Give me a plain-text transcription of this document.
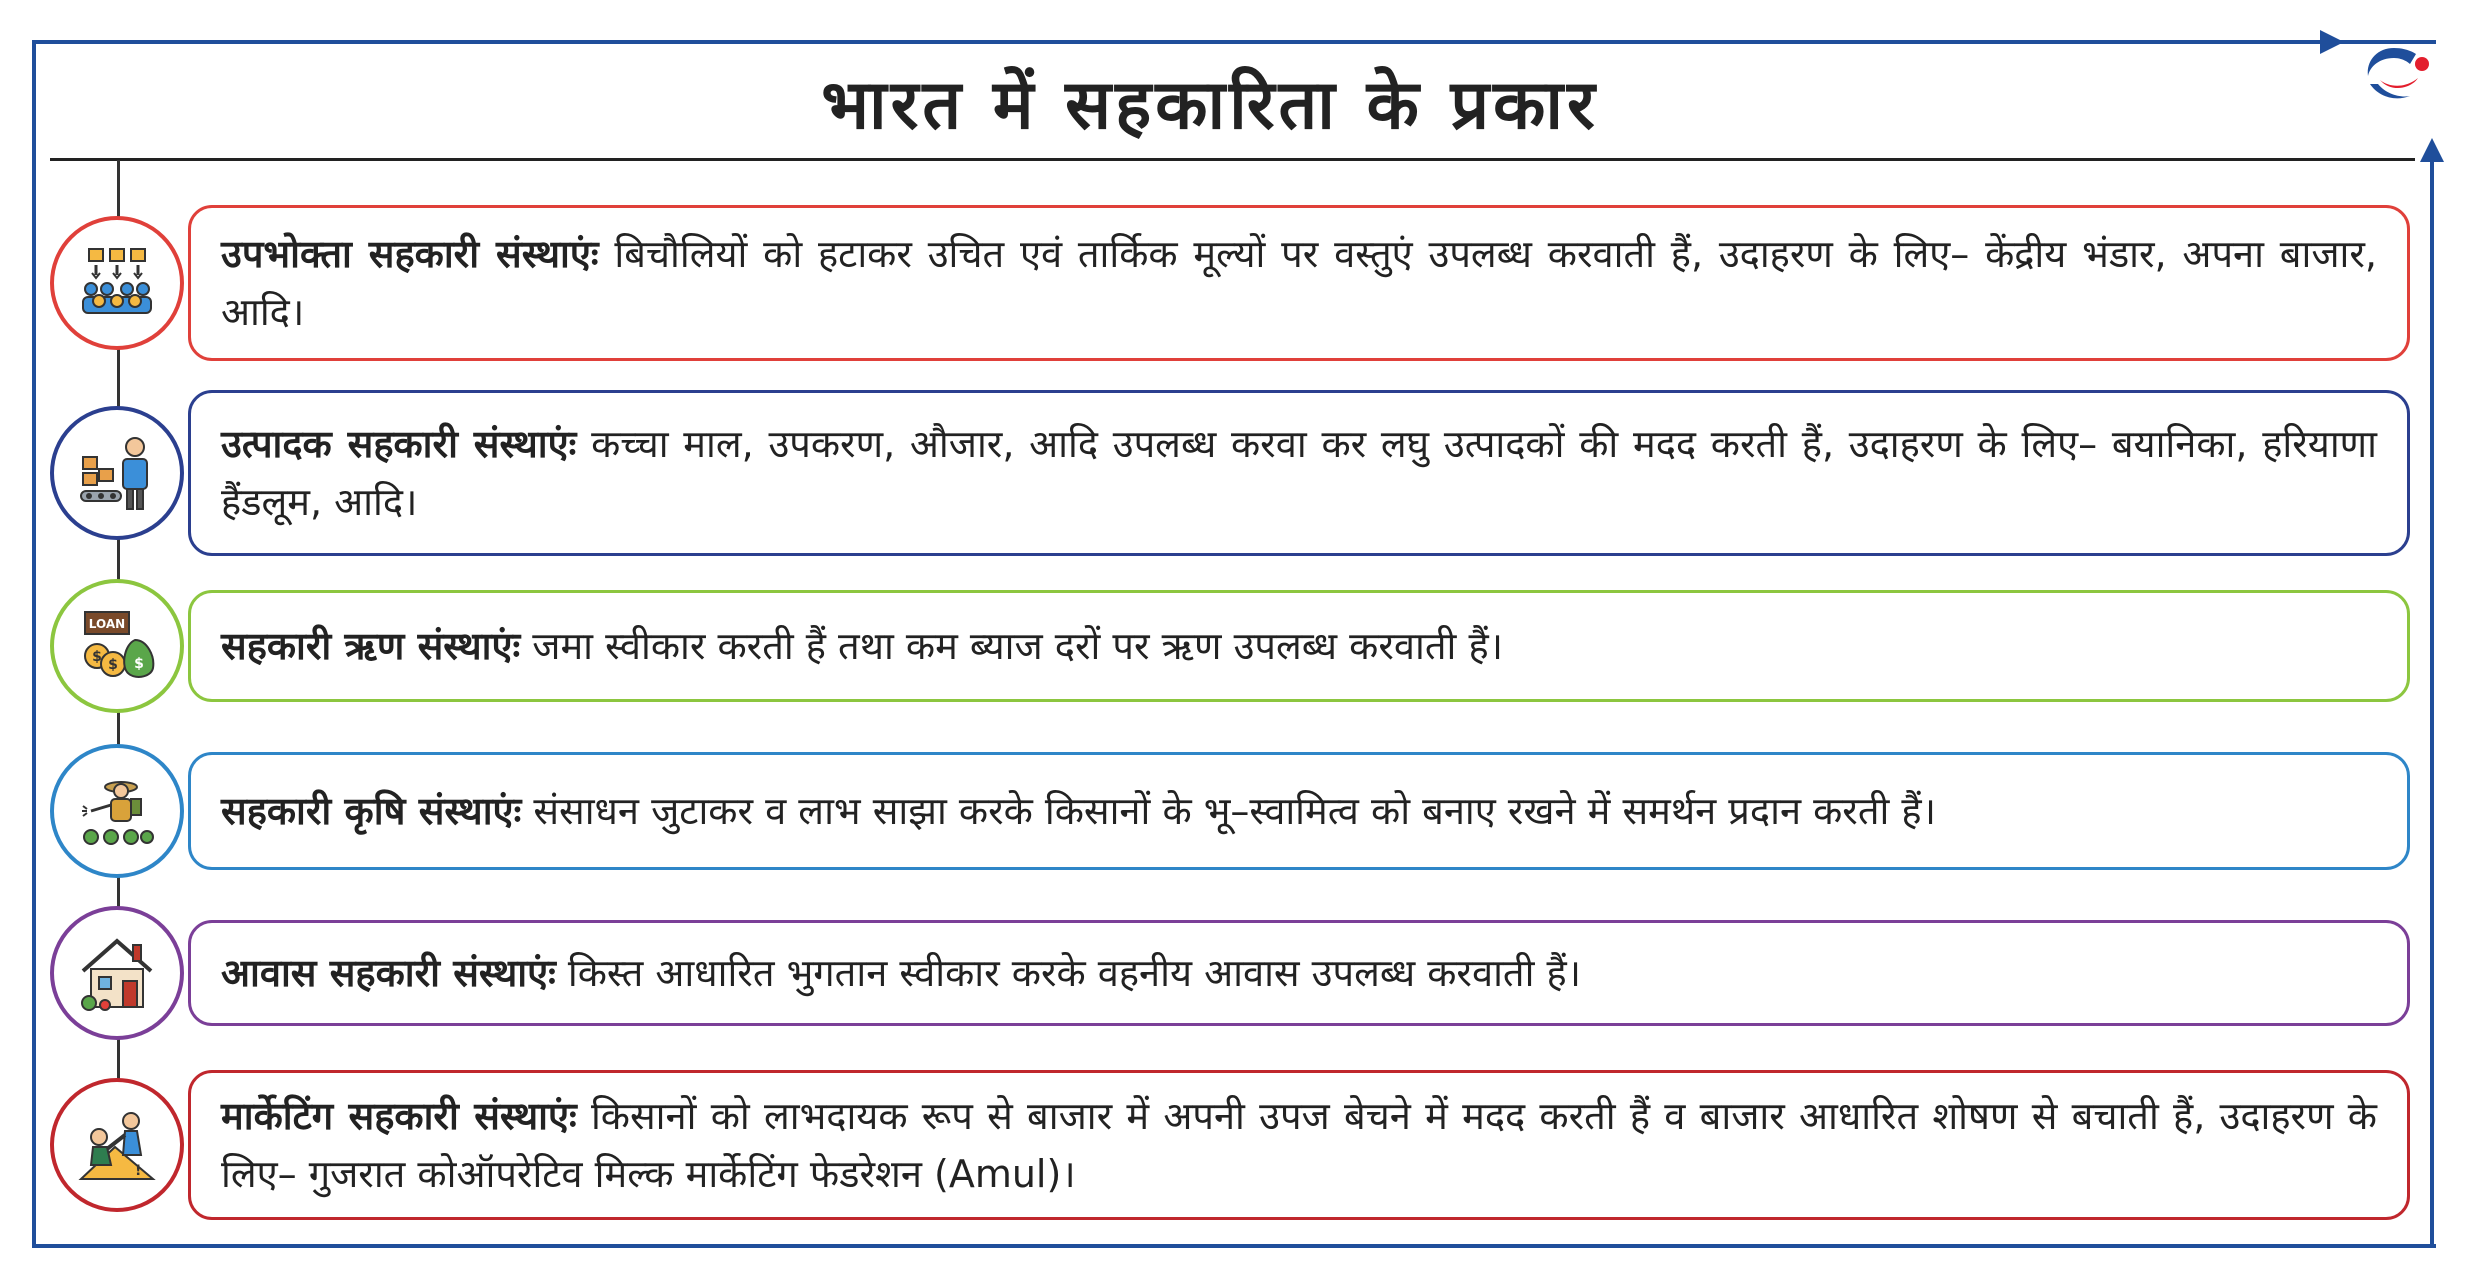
भारत में सहकारिता के प्रकार

उपभोक्ता सहकारी संस्थाएंः बिचौलियों को हटाकर उचित एवं तार्किक मूल्यों पर वस्तुएं उपलब्ध करवाती हैं, उदाहरण के लिए– केंद्रीय भंडार, अपना बाजार, आदि।

उत्पादक सहकारी संस्थाएंः कच्चा माल, उपकरण, औजार, आदि उपलब्ध करवा कर लघु उत्पादकों की मदद करती हैं, उदाहरण के लिए– बयानिका, हरियाणा हैंडलूम, आदि।

LOAN
$ $ $ सहकारी ऋण संस्थाएंः जमा स्वीकार करती हैं तथा कम ब्याज दरों पर ऋण उपलब्ध करवाती हैं।

सहकारी कृषि संस्थाएंः संसाधन जुटाकर व लाभ साझा करके किसानों के भू–स्वामित्व को बनाए रखने में समर्थन प्रदान करती हैं।

आवास सहकारी संस्थाएंः किस्त आधारित भुगतान स्वीकार करके वहनीय आवास उपलब्ध करवाती हैं।

!

मार्केटिंग सहकारी संस्थाएंः किसानों को लाभदायक रूप से बाजार में अपनी उपज बेचने में मदद करती हैं व बाजार आधारित शोषण से बचाती हैं, उदाहरण के लिए– गुजरात कोऑपरेटिव मिल्क मार्केटिंग फेडरेशन (Amul)।
